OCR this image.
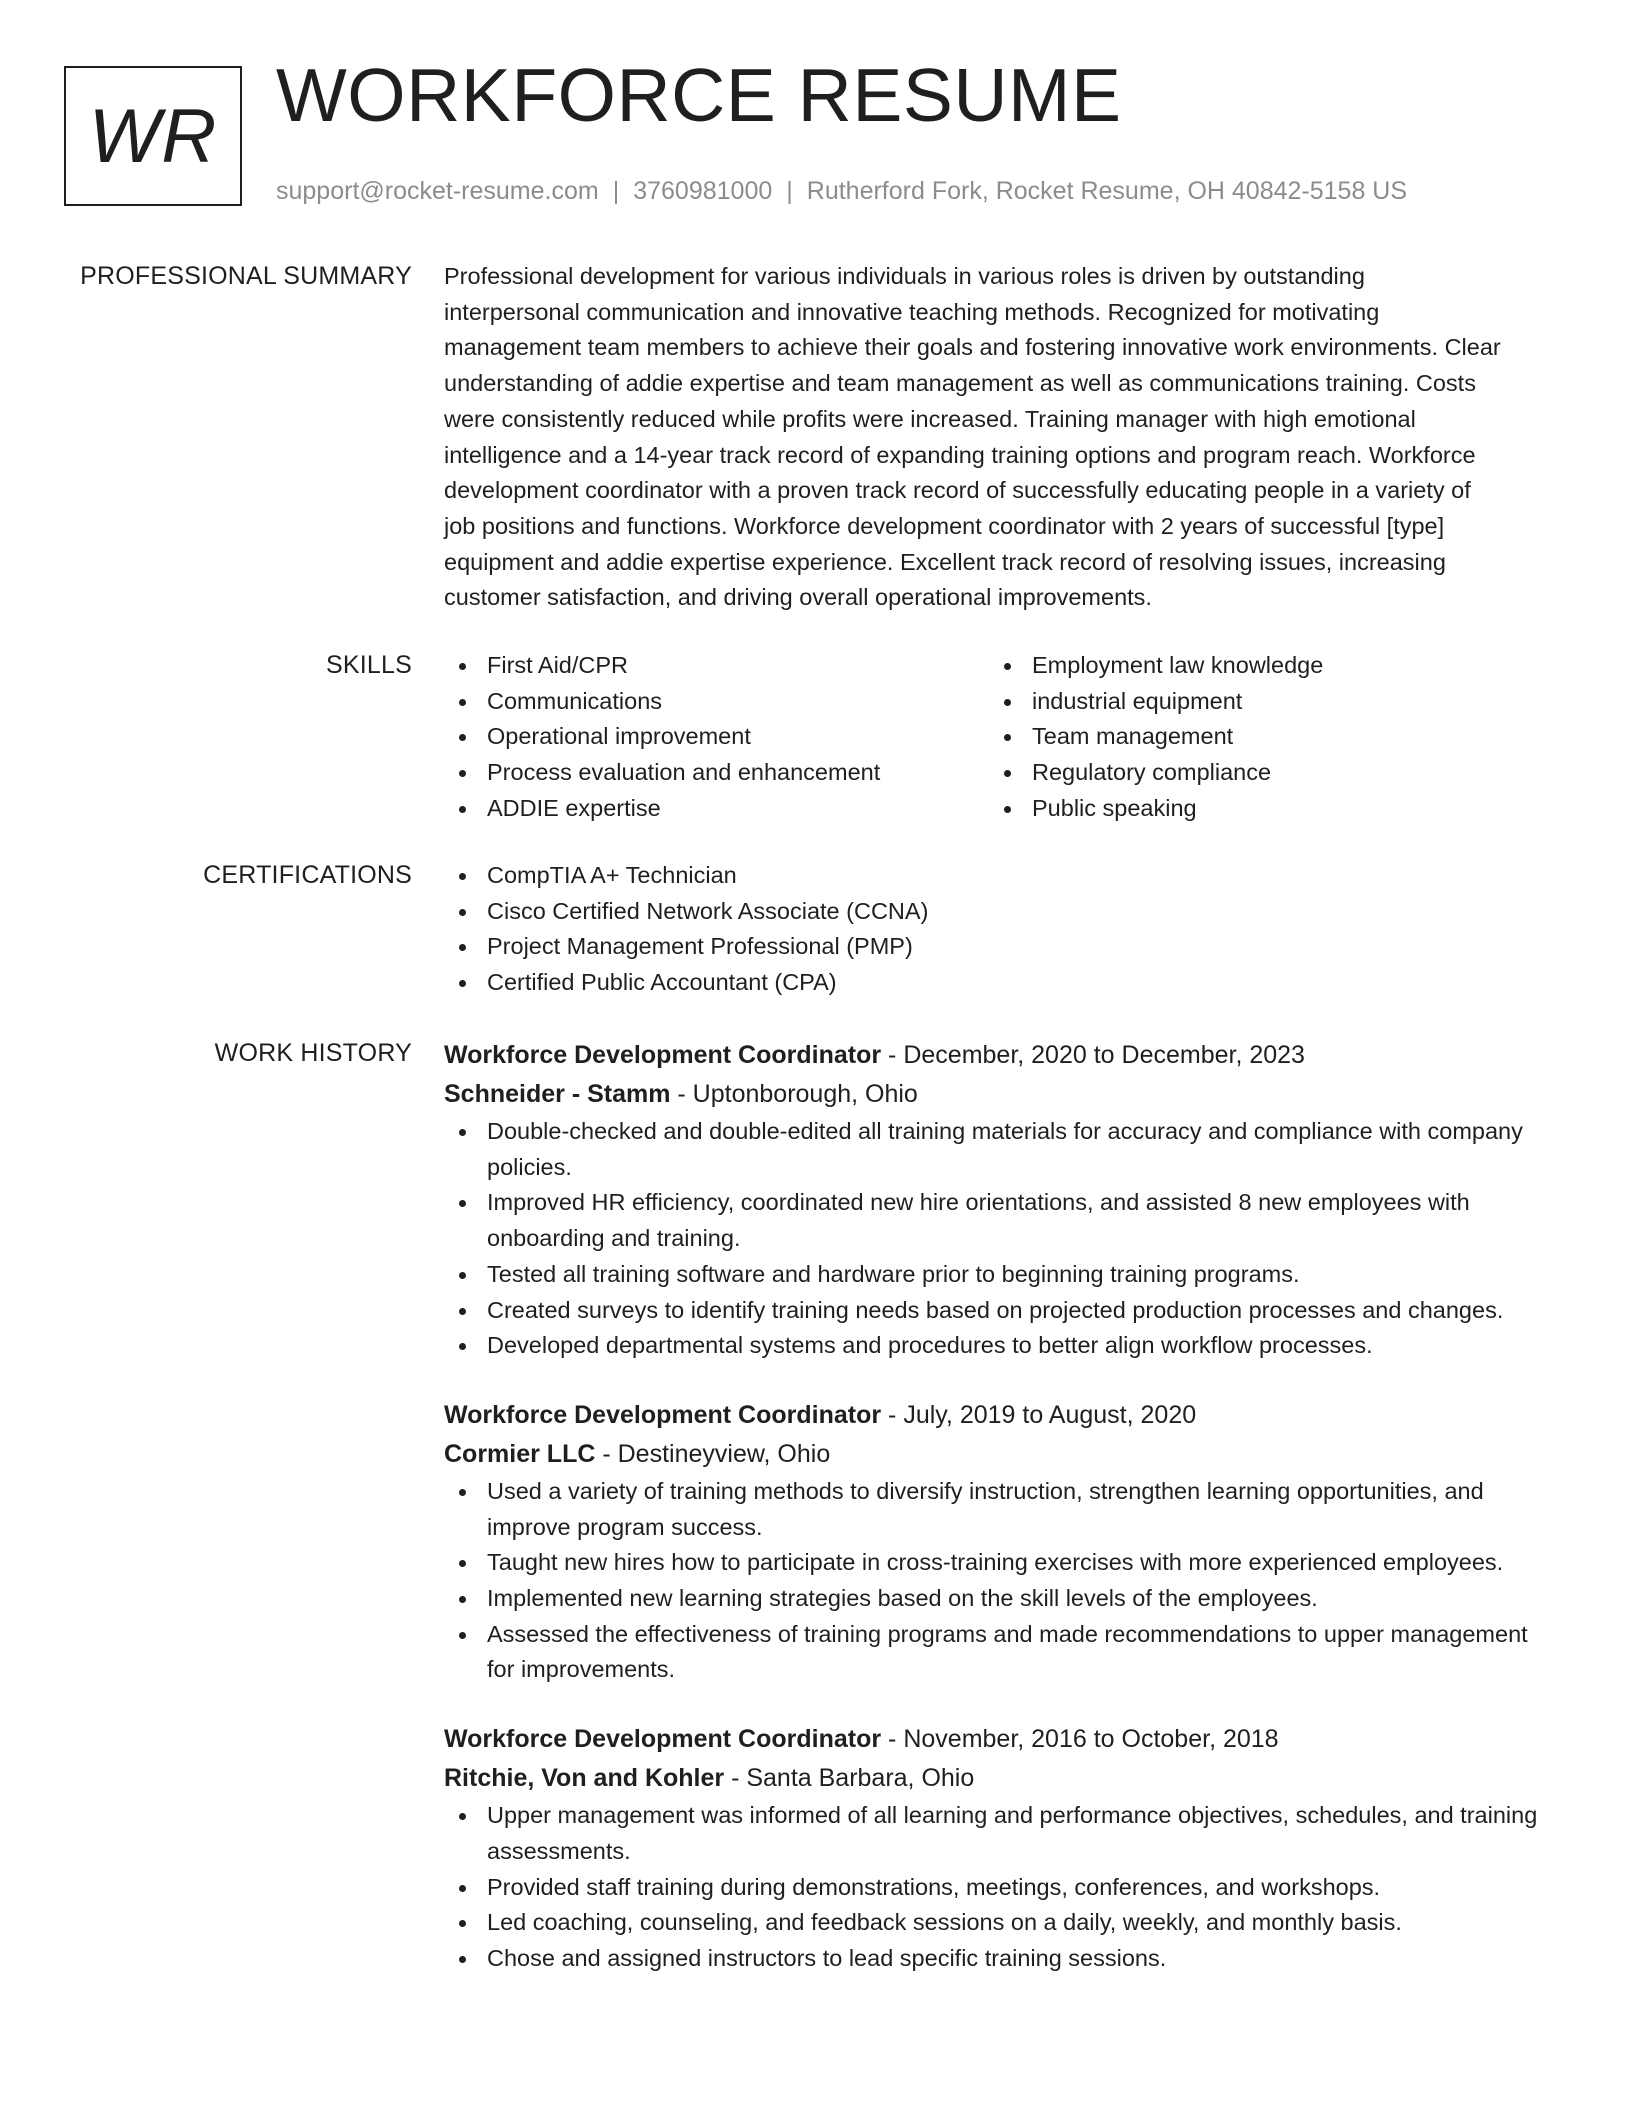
WR WORKFORCE RESUME
support@rocket-resume.com | 3760981000 | Rutherford Fork, Rocket Resume, OH 40842-5158 US
PROFESSIONAL SUMMARY Professional development for various individuals in various roles is driven by outstanding
interpersonal communication and innovative teaching methods. Recognized for motivating
management team members to achieve their goals and fostering innovative work environments. Clear
understanding of addie expertise and team management as well as communications training. Costs
were consistently reduced while profits were increased. Training manager with high emotional
intelligence and a 14-year track record of expanding training options and program reach. Workforce
development coordinator with a proven track record of successfully educating people in a variety of
job positions and functions. Workforce development coordinator with 2 years of successful [type]
equipment and addie expertise experience. Excellent track record of resolving issues, increasing
customer satisfaction, and driving overall operational improvements.
SKILLS	First Aid/CPR
Communications
Operational improvement
Process evaluation and enhancement
ADDIE expertise
Employment law knowledge
industrial equipment
Team management
Regulatory compliance
Public speaking
CERTIFICATIONS	CompTIA A+ Technician
Cisco Certified Network Associate (CCNA)
Project Management Professional (PMP)
Certified Public Accountant (CPA)
WORK HISTORY Workforce Development Coordinator - December, 2020 to December, 2023
Schneider - Stamm - Uptonborough, Ohio
Double-checked and double-edited all training materials for accuracy and compliance with company policies.
Improved HR efficiency, coordinated new hire orientations, and assisted 8 new employees with onboarding and training.
Tested all training software and hardware prior to beginning training programs.
Created surveys to identify training needs based on projected production processes and changes.
Developed departmental systems and procedures to better align workflow processes.
Workforce Development Coordinator - July, 2019 to August, 2020
Cormier LLC - Destineyview, Ohio
Used a variety of training methods to diversify instruction, strengthen learning opportunities, and improve program success.
Taught new hires how to participate in cross-training exercises with more experienced employees.
Implemented new learning strategies based on the skill levels of the employees.
Assessed the effectiveness of training programs and made recommendations to upper management for improvements.
Workforce Development Coordinator - November, 2016 to October, 2018
Ritchie, Von and Kohler - Santa Barbara, Ohio
Upper management was informed of all learning and performance objectives, schedules, and training assessments.
Provided staff training during demonstrations, meetings, conferences, and workshops.
Led coaching, counseling, and feedback sessions on a daily, weekly, and monthly basis.
Chose and assigned instructors to lead specific training sessions.
